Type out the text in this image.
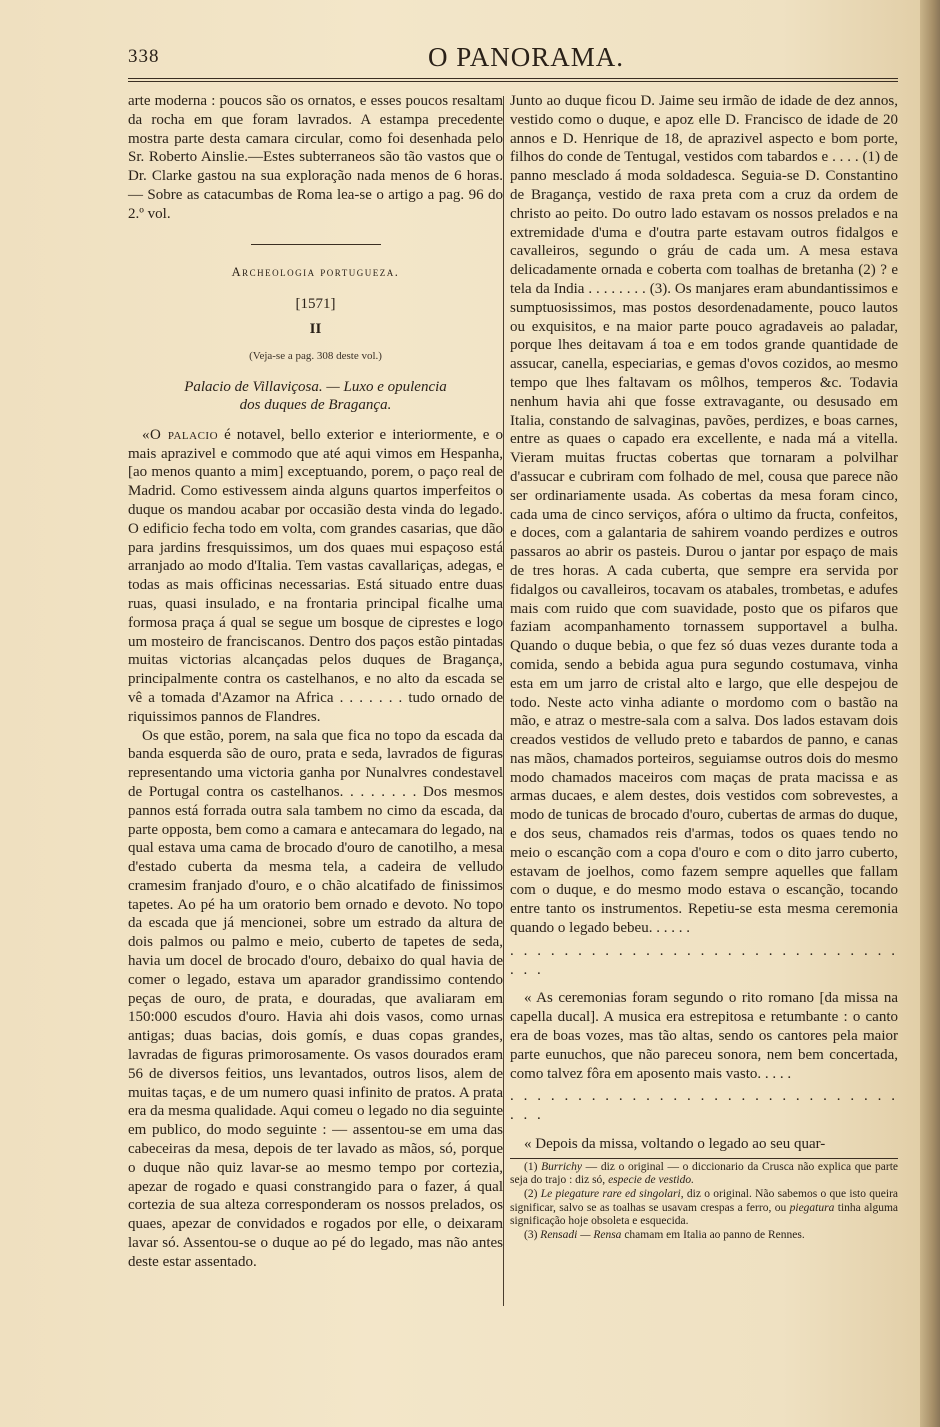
338	O PANORAMA.

arte moderna : poucos são os ornatos, e esses poucos resaltam da rocha em que foram lavrados. A estampa precedente mostra parte desta camara circular, como foi desenhada pelo Sr. Roberto Ainslie.—Estes subterraneos são tão vastos que o Dr. Clarke gastou na sua exploração nada menos de 6 horas. — Sobre as catacumbas de Roma lea-se o artigo a pag. 96 do 2.º vol.

Archeologia portugueza.
[1571]
II
(Veja-se a pag. 308 deste vol.)
Palacio de Villaviçosa. — Luxo e opulencia
dos duques de Bragança.

«O palacio é notavel, bello exterior e interiormente, e o mais aprazivel e commodo que até aqui vimos em Hespanha, [ao menos quanto a mim] exceptuando, porem, o paço real de Madrid. Como estivessem ainda alguns quartos imperfeitos o duque os mandou acabar por occasião desta vinda do legado. O edificio fecha todo em volta, com grandes casarias, que dão para jardins fresquissimos, um dos quaes mui espaçoso está arranjado ao modo d'Italia. Tem vastas cavallariças, adegas, e todas as mais officinas necessarias. Está situado entre duas ruas, quasi insulado, e na frontaria principal ficalhe uma formosa praça á qual se segue um bosque de ciprestes e logo um mosteiro de franciscanos. Dentro dos paços estão pintadas muitas victorias alcançadas pelos duques de Bragança, principalmente contra os castelhanos, e no alto da escada se vê a tomada d'Azamor na Africa . . . . . . . tudo ornado de riquissimos pannos de Flandres.

Os que estão, porem, na sala que fica no topo da escada da banda esquerda são de ouro, prata e seda, lavrados de figuras representando uma victoria ganha por Nunalvres condestavel de Portugal contra os castelhanos. . . . . . . . Dos mesmos pannos está forrada outra sala tambem no cimo da escada, da parte opposta, bem como a camara e antecamara do legado, na qual estava uma cama de brocado d'ouro de canotilho, a mesa d'estado cuberta da mesma tela, a cadeira de velludo cramesim franjado d'ouro, e o chão alcatifado de finissimos tapetes. Ao pé ha um oratorio bem ornado e devoto. No topo da escada que já mencionei, sobre um estrado da altura de dois palmos ou palmo e meio, cuberto de tapetes de seda, havia um docel de brocado d'ouro, debaixo do qual havia de comer o legado, estava um aparador grandissimo contendo peças de ouro, de prata, e douradas, que avaliaram em 150:000 escudos d'ouro. Havia ahi dois vasos, como urnas antigas; duas bacias, dois gomís, e duas copas grandes, lavradas de figuras primorosamente. Os vasos dourados eram 56 de diversos feitios, uns levantados, outros lisos, alem de muitas taças, e de um numero quasi infinito de pratos. A prata era da mesma qualidade. Aqui comeu o legado no dia seguinte em publico, do modo seguinte : — assentou-se em uma das cabeceiras da mesa, depois de ter lavado as mãos, só, porque o duque não quiz lavar-se ao mesmo tempo por cortezia, apezar de rogado e quasi constrangido para o fazer, á qual cortezia de sua alteza corresponderam os nossos prelados, os quaes, apezar de convidados e rogados por elle, o deixaram lavar só. Assentou-se o duque ao pé do legado, mas não antes deste estar assentado.

Junto ao duque ficou D. Jaime seu irmão de idade de dez annos, vestido como o duque, e apoz elle D. Francisco de idade de 20 annos e D. Henrique de 18, de aprazivel aspecto e bom porte, filhos do conde de Tentugal, vestidos com tabardos e . . . . (1) de panno mesclado á moda soldadesca. Seguia-se D. Constantino de Bragança, vestido de raxa preta com a cruz da ordem de christo ao peito. Do outro lado estavam os nossos prelados e na extremidade d'uma e d'outra parte estavam outros fidalgos e cavalleiros, segundo o gráu de cada um. A mesa estava delicadamente ornada e coberta com toalhas de bretanha (2) ? e tela da India . . . . . . . . (3). Os manjares eram abundantissimos e sumptuosissimos, mas postos desordenadamente, pouco lautos ou exquisitos, e na maior parte pouco agradaveis ao paladar, porque lhes deitavam á toa e em todos grande quantidade de assucar, canella, especiarias, e gemas d'ovos cozidos, ao mesmo tempo que lhes faltavam os môlhos, temperos &c. Todavia nenhum havia ahi que fosse extravagante, ou desusado em Italia, constando de salvaginas, pavões, perdizes, e boas carnes, entre as quaes o capado era excellente, e nada má a vitella. Vieram muitas fructas cobertas que tornaram a polvilhar d'assucar e cubriram com folhado de mel, cousa que parece não ser ordinariamente usada. As cobertas da mesa foram cinco, cada uma de cinco serviços, afóra o ultimo da fructa, confeitos, e doces, com a galantaria de sahirem voando perdizes e outros passaros ao abrir os pasteis. Durou o jantar por espaço de mais de tres horas. A cada cuberta, que sempre era servida por fidalgos ou cavalleiros, tocavam os atabales, trombetas, e adufes mais com ruido que com suavidade, posto que os pifaros que faziam acompanhamento tornassem supportavel a bulha. Quando o duque bebia, o que fez só duas vezes durante toda a comida, sendo a bebida agua pura segundo costumava, vinha esta em um jarro de cristal alto e largo, que elle despejou de todo. Neste acto vinha adiante o mordomo com o bastão na mão, e atraz o mestre-sala com a salva. Dos lados estavam dois creados vestidos de velludo preto e tabardos de panno, e canas nas mãos, chamados porteiros, seguiamse outros dois do mesmo modo chamados maceiros com maças de prata macissa e as armas ducaes, e alem destes, dois vestidos com sobrevestes, a modo de tunicas de brocado d'ouro, cubertas de armas do duque, e dos seus, chamados reis d'armas, todos os quaes tendo no meio o escanção com a copa d'ouro e com o dito jarro cuberto, estavam de joelhos, como fazem sempre aquelles que fallam com o duque, e do mesmo modo estava o escanção, tocando entre tanto os instrumentos. Repetiu-se esta mesma ceremonia quando o legado bebeu. . . . . .

. . . . . . . . . . . . . . . . . . . . . . . . . . . . . . . .

« As ceremonias foram segundo o rito romano [da missa na capella ducal]. A musica era estrepitosa e retumbante : o canto era de boas vozes, mas tão altas, sendo os cantores pela maior parte eunuchos, que não pareceu sonora, nem bem concertada, como talvez fôra em aposento mais vasto. . . . .

. . . . . . . . . . . . . . . . . . . . . . . . . . . . . . . .

« Depois da missa, voltando o legado ao seu quar-

(1) Burrichy — diz o original — o diccionario da Crusca não explica que parte seja do trajo : diz só, especie de vestido.

(2) Le piegature rare ed singolari, diz o original. Não sabemos o que isto queira significar, salvo se as toalhas se usavam crespas a ferro, ou piegatura tinha alguma significação hoje obsoleta e esquecida.

(3) Rensadi — Rensa chamam em Italia ao panno de Rennes.
